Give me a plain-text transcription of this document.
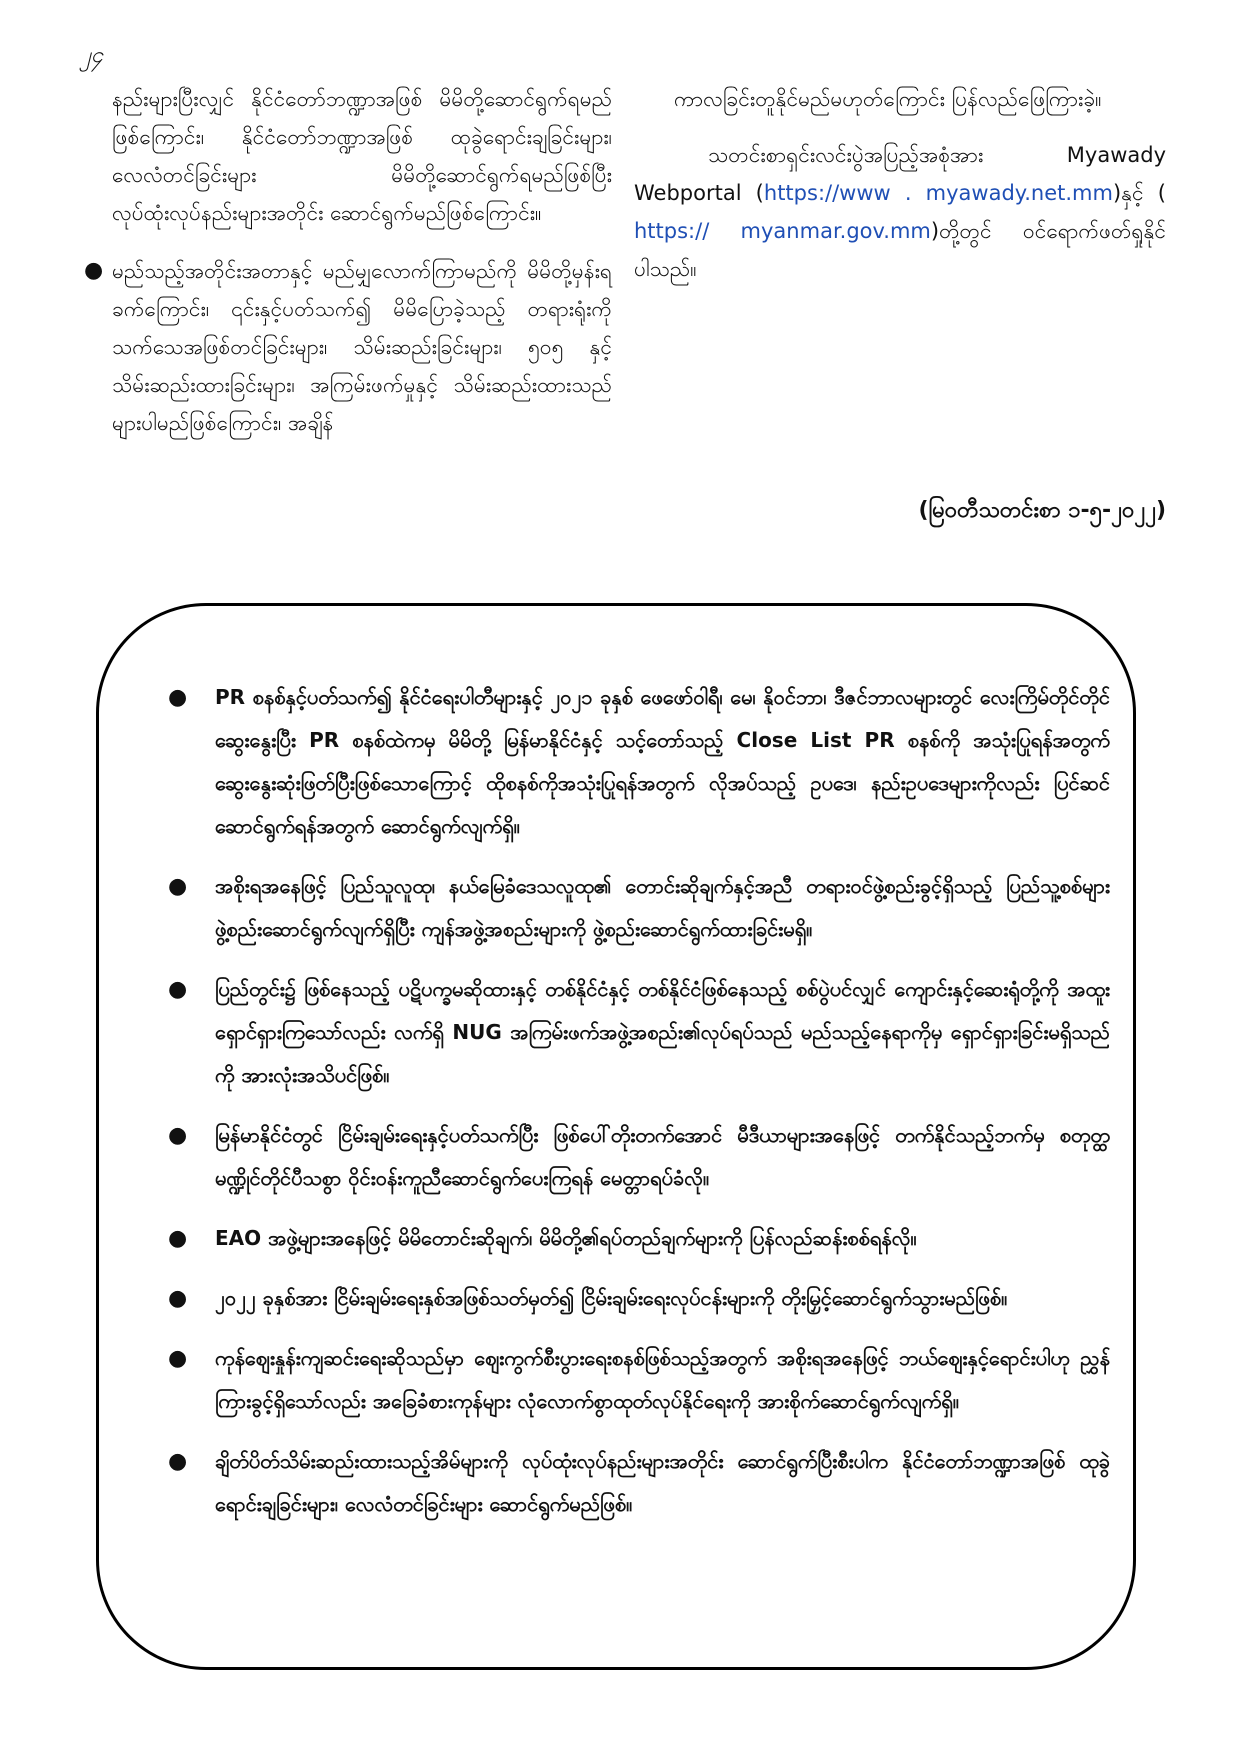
၂၄

နည်းများပြီးလျှင် နိုင်ငံတော်ဘဏ္ဍာအဖြစ် မိမိတို့ဆောင်ရွက်ရမည်ဖြစ်ကြောင်း၊ နိုင်ငံတော်ဘဏ္ဍာအဖြစ် ထုခွဲရောင်းချခြင်းများ၊ လေလံတင်ခြင်းများ မိမိတို့ဆောင်ရွက်ရမည်ဖြစ်ပြီး လုပ်ထုံးလုပ်နည်းများအတိုင်း ဆောင်ရွက်မည်ဖြစ်ကြောင်း။

● မည်သည့်အတိုင်းအတာနှင့် မည်မျှလောက်ကြာမည်ကို မိမိတို့မှန်းရခက်ကြောင်း၊ ၎င်းနှင့်ပတ်သက်၍ မိမိပြောခဲ့သည့် တရားရုံးကိုသက်သေအဖြစ်တင်ခြင်းများ၊ သိမ်းဆည်းခြင်းများ၊ ၅၀၅ နှင့်သိမ်းဆည်းထားခြင်းများ၊ အကြမ်းဖက်မှုနှင့် သိမ်းဆည်းထားသည်များပါမည်ဖြစ်ကြောင်း၊ အချိန်

ကာလခြင်းတူနိုင်မည်မဟုတ်ကြောင်း ပြန်လည်ဖြေကြားခဲ့။

သတင်းစာရှင်းလင်းပွဲအပြည့်အစုံအား Myawady Webportal (https://www . myawady.net.mm)နှင့် ( https:// myanmar.gov.mm)တို့တွင် ဝင်ရောက်ဖတ်ရှုနိုင်ပါသည်။

(မြဝတီသတင်းစာ ၁-၅-၂၀၂၂)
●	PR စနစ်နှင့်ပတ်သက်၍ နိုင်ငံရေးပါတီများနှင့် ၂၀၂၁ ခုနှစ် ဖေဖော်ဝါရီ၊ မေ၊ နိုဝင်ဘာ၊ ဒီဇင်ဘာလများတွင် လေးကြိမ်တိုင်တိုင်ဆွေးနွေးပြီး PR စနစ်ထဲကမှ မိမိတို့ မြန်မာနိုင်ငံနှင့် သင့်တော်သည့် Close List PR စနစ်ကို အသုံးပြုရန်အတွက် ဆွေးနွေးဆုံးဖြတ်ပြီးဖြစ်သောကြောင့် ထိုစနစ်ကိုအသုံးပြုရန်အတွက် လိုအပ်သည့် ဥပဒေ၊ နည်းဥပဒေများကိုလည်း ပြင်ဆင်ဆောင်ရွက်ရန်အတွက် ဆောင်ရွက်လျက်ရှိ။
●	အစိုးရအနေဖြင့် ပြည်သူလူထု၊ နယ်မြေခံဒေသလူထု၏ တောင်းဆိုချက်နှင့်အညီ တရားဝင်ဖွဲ့စည်းခွင့်ရှိသည့် ပြည်သူ့စစ်များဖွဲ့စည်းဆောင်ရွက်လျက်ရှိပြီး ကျန်အဖွဲ့အစည်းများကို ဖွဲ့စည်းဆောင်ရွက်ထားခြင်းမရှိ။
●	ပြည်တွင်း၌ ဖြစ်နေသည့် ပဋိပက္ခမဆိုထားနှင့် တစ်နိုင်ငံနှင့် တစ်နိုင်ငံဖြစ်နေသည့် စစ်ပွဲပင်လျှင် ကျောင်းနှင့်ဆေးရုံတို့ကို အထူးရှောင်ရှားကြသော်လည်း လက်ရှိ NUG အကြမ်းဖက်အဖွဲ့အစည်း၏လုပ်ရပ်သည် မည်သည့်နေရာကိုမှ ရှောင်ရှားခြင်းမရှိသည်ကို အားလုံးအသိပင်ဖြစ်။
●	မြန်မာနိုင်ငံတွင် ငြိမ်းချမ်းရေးနှင့်ပတ်သက်ပြီး ဖြစ်ပေါ်တိုးတက်အောင် မီဒီယာများအနေဖြင့် တက်နိုင်သည့်ဘက်မှ စတုတ္ထမဏ္ဍိုင်တိုင်ပီသစွာ ဝိုင်းဝန်းကူညီဆောင်ရွက်ပေးကြရန် မေတ္တာရပ်ခံလို။
●	EAO အဖွဲ့များအနေဖြင့် မိမိတောင်းဆိုချက်၊ မိမိတို့၏ရပ်တည်ချက်များကို ပြန်လည်ဆန်းစစ်ရန်လို။
●	၂၀၂၂ ခုနှစ်အား ငြိမ်းချမ်းရေးနှစ်အဖြစ်သတ်မှတ်၍ ငြိမ်းချမ်းရေးလုပ်ငန်းများကို တိုးမြှင့်ဆောင်ရွက်သွားမည်ဖြစ်။
●	ကုန်ဈေးနှုန်းကျဆင်းရေးဆိုသည်မှာ ဈေးကွက်စီးပွားရေးစနစ်ဖြစ်သည့်အတွက် အစိုးရအနေဖြင့် ဘယ်ဈေးနှင့်ရောင်းပါဟု ညွှန်ကြားခွင့်ရှိသော်လည်း အခြေခံစားကုန်များ လုံလောက်စွာထုတ်လုပ်နိုင်ရေးကို အားစိုက်ဆောင်ရွက်လျက်ရှိ။
●	ချိတ်ပိတ်သိမ်းဆည်းထားသည့်အိမ်များကို လုပ်ထုံးလုပ်နည်းများအတိုင်း ဆောင်ရွက်ပြီးစီးပါက နိုင်ငံတော်ဘဏ္ဍာအဖြစ် ထုခွဲရောင်းချခြင်းများ၊ လေလံတင်ခြင်းများ ဆောင်ရွက်မည်ဖြစ်။
